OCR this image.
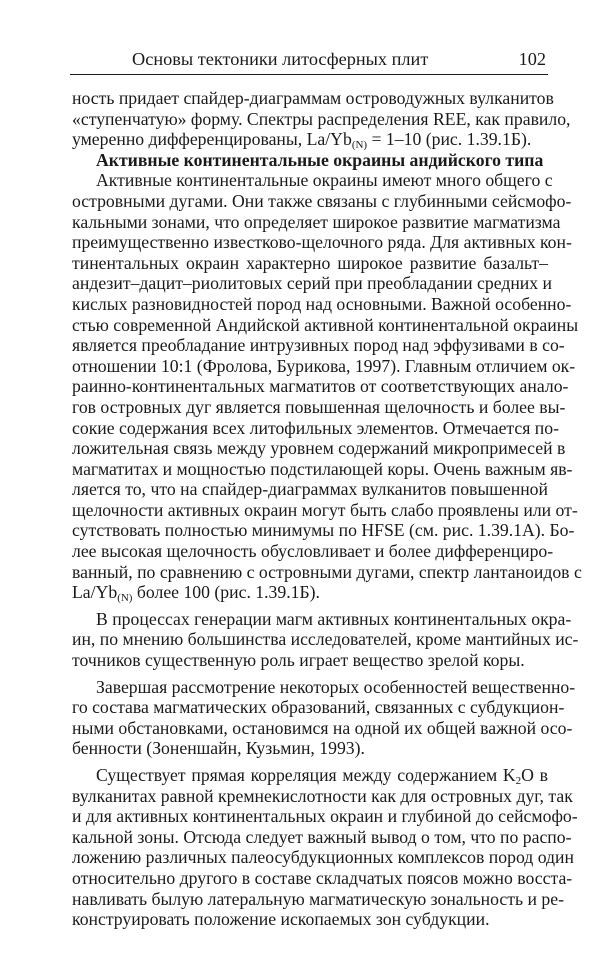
Основы тектоники литосферных плит	102
ность придает спайдер-диаграммам островодужных вулканитов
«ступенчатую» форму. Спектры распределения REE, как правило,
умеренно дифференцированы, $La/Yb_{(N)} = 1-10$ (рис. 1.39.1Б).
Активные континентальные окраины андийского типа
Активные континентальные окраины имеют много общего с
островными дугами. Они также связаны с глубинными сейсмофо-
кальными зонами, что определяет широкое развитие магматизма
преимущественно известково-щелочного ряда. Для активных кон-
тинентальных окраин характерно широкое развитие базальт–
андезит–дацит–риолитовых серий при преобладании средних и
кислых разновидностей пород над основными. Важной особенно-
стью современной Андийской активной континентальной окраины
является преобладание интрузивных пород над эффузивами в со-
отношении 10:1 (Фролова, Бурикова, 1997). Главным отличием ок-
раинно-континентальных магматитов от соответствующих анало-
гов островных дуг является повышенная щелочность и более вы-
сокие содержания всех литофильных элементов. Отмечается по-
ложительная связь между уровнем содержаний микропримесей в
магматитах и мощностью подстилающей коры. Очень важным яв-
ляется то, что на спайдер-диаграммах вулканитов повышенной
щелочности активных окраин могут быть слабо проявлены или от-
сутствовать полностью минимумы по HFSE (см. рис. 1.39.1А). Бо-
лее высокая щелочность обусловливает и более дифференциро-
ванный, по сравнению с островными дугами, спектр лантаноидов с
$La/Yb_{(N)}$ более 100 (рис. 1.39.1Б).
В процессах генерации магм активных континентальных окра-
ин, по мнению большинства исследователей, кроме мантийных ис-
точников существенную роль играет вещество зрелой коры.
Завершая рассмотрение некоторых особенностей вещественно-
го состава магматических образований, связанных с субдукцион-
ными обстановками, остановимся на одной их общей важной осо-
бенности (Зоненшайн, Кузьмин, 1993).
Существует прямая корреляция между содержанием $K_2O$ в
вулканитах равной кремнекислотности как для островных дуг, так
и для активных континентальных окраин и глубиной до сейсмофо-
кальной зоны. Отсюда следует важный вывод о том, что по распо-
ложению различных палеосубдукционных комплексов пород один
относительно другого в составе складчатых поясов можно восста-
навливать былую латеральную магматическую зональность и ре-
конструировать положение ископаемых зон субдукции.
